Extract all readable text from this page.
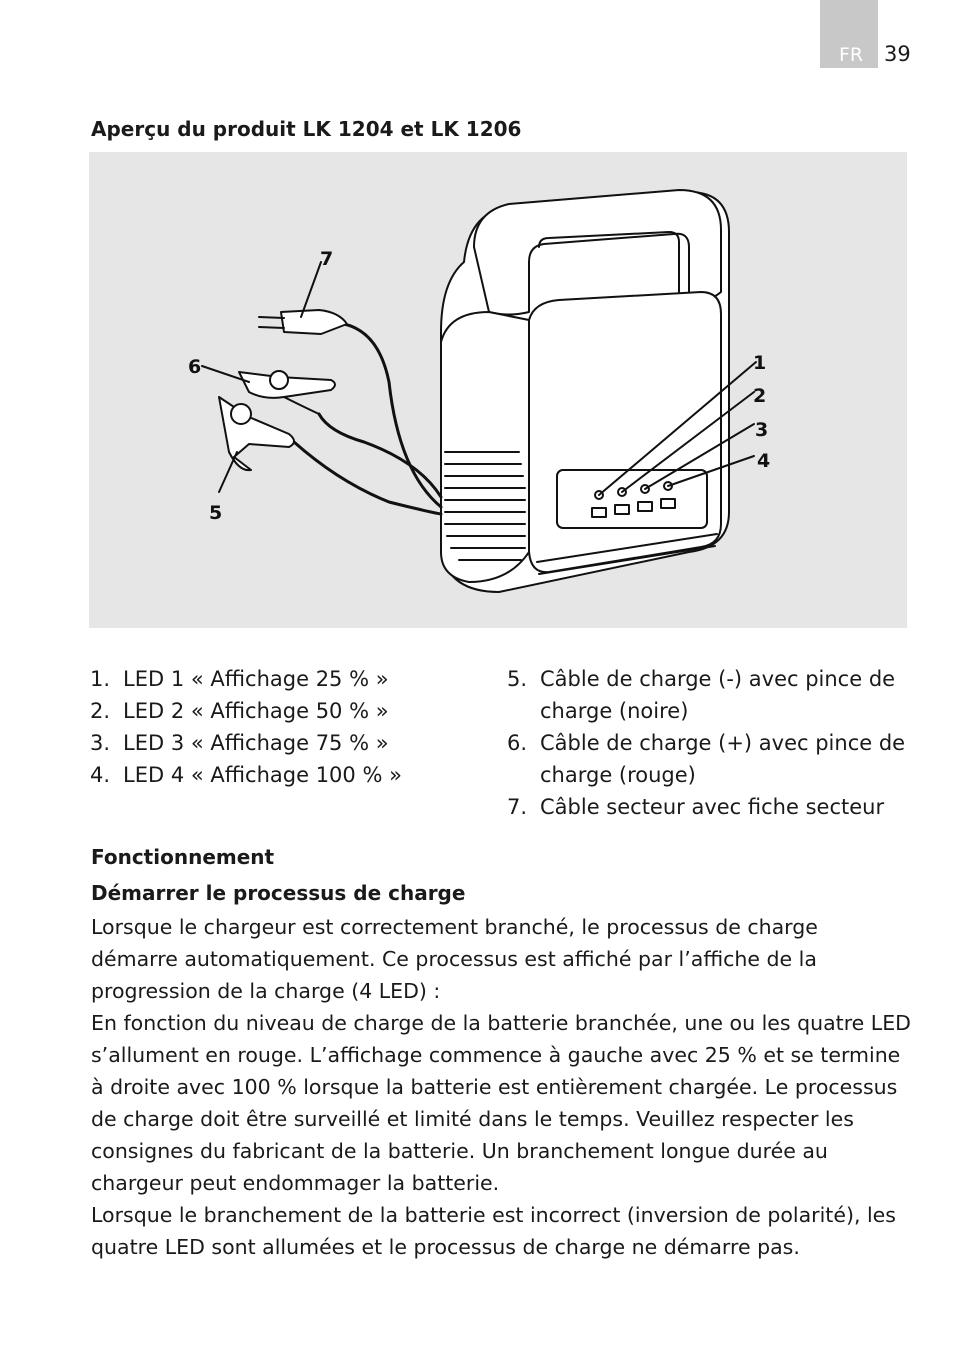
FR 39
Aperçu du produit LK 1204 et LK 1206
7
6
5
1
2
3
4
1. LED 1 « Affichage 25 % »
2. LED 2 « Affichage 50 % »
3. LED 3 « Affichage 75 % »
4. LED 4 « Affichage 100 % »
5. Câble de charge (-) avec pince de charge (noire)
6. Câble de charge (+) avec pince de charge (rouge)
7. Câble secteur avec fiche secteur
Fonctionnement
Démarrer le processus de charge

Lorsque le chargeur est correctement branché, le processus de charge démarre automatiquement. Ce processus est affiché par l’affiche de la progression de la charge (4 LED) :

En fonction du niveau de charge de la batterie branchée, une ou les quatre LED s’allument en rouge. L’affichage commence à gauche avec 25 % et se termine à droite avec 100 % lorsque la batterie est entièrement chargée. Le processus de charge doit être surveillé et limité dans le temps. Veuillez respecter les consignes du fabricant de la batterie. Un branchement longue durée au chargeur peut endommager la batterie.

Lorsque le branchement de la batterie est incorrect (inversion de polarité), les quatre LED sont allumées et le processus de charge ne démarre pas.
